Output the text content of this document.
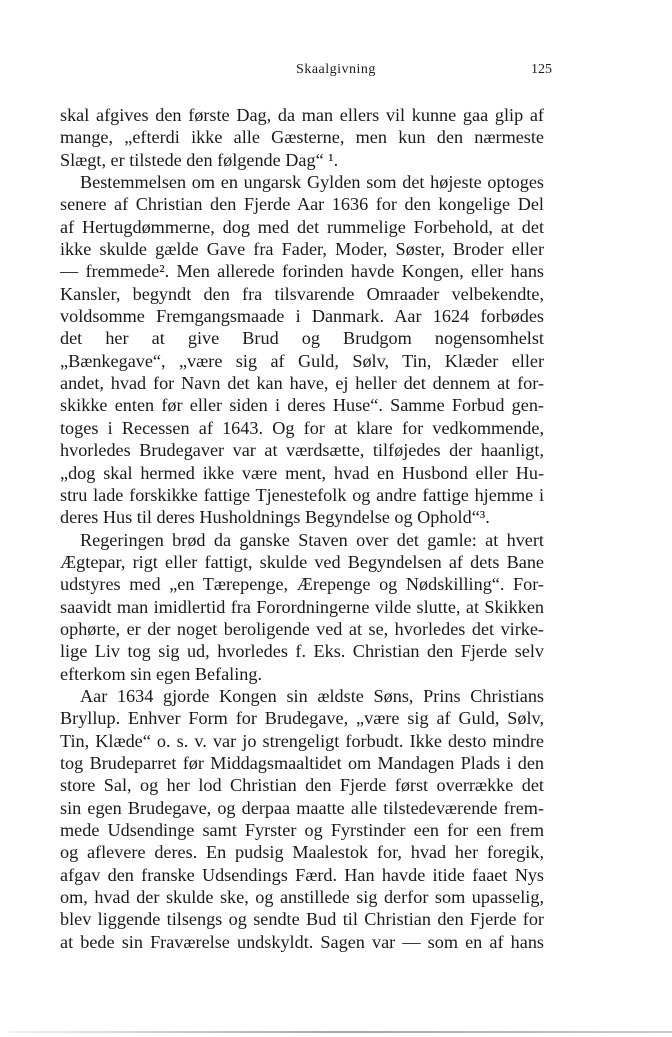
Skaalgivning	125
skal afgives den første Dag, da man ellers vil kunne gaa glip af
mange, „efterdi ikke alle Gæsterne, men kun den nærmeste
Slægt, er tilstede den følgende Dag“ ¹.
Bestemmelsen om en ungarsk Gylden som det højeste optoges
senere af Christian den Fjerde Aar 1636 for den kongelige Del
af Hertugdømmerne, dog med det rummelige Forbehold, at det
ikke skulde gælde Gave fra Fader, Moder, Søster, Broder eller
— fremmede². Men allerede forinden havde Kongen, eller hans
Kansler, begyndt den fra tilsvarende Omraader velbekendte,
voldsomme Fremgangsmaade i Danmark. Aar 1624 forbødes
det her at give Brud og Brudgom nogensomhelst
„Bænkegave“, „være sig af Guld, Sølv, Tin, Klæder eller
andet, hvad for Navn det kan have, ej heller det dennem at for-
skikke enten før eller siden i deres Huse“. Samme Forbud gen-
toges i Recessen af 1643. Og for at klare for vedkommende,
hvorledes Brudegaver var at værdsætte, tilføjedes der haanligt,
„dog skal hermed ikke være ment, hvad en Husbond eller Hu-
stru lade forskikke fattige Tjenestefolk og andre fattige hjemme i
deres Hus til deres Husholdnings Begyndelse og Ophold“³.
Regeringen brød da ganske Staven over det gamle: at hvert
Ægtepar, rigt eller fattigt, skulde ved Begyndelsen af dets Bane
udstyres med „en Tærepenge, Ærepenge og Nødskilling“. For-
saavidt man imidlertid fra Forordningerne vilde slutte, at Skikken
ophørte, er der noget beroligende ved at se, hvorledes det virke-
lige Liv tog sig ud, hvorledes f. Eks. Christian den Fjerde selv
efterkom sin egen Befaling.
Aar 1634 gjorde Kongen sin ældste Søns, Prins Christians
Bryllup. Enhver Form for Brudegave, „være sig af Guld, Sølv,
Tin, Klæde“ o. s. v. var jo strengeligt forbudt. Ikke desto mindre
tog Brudeparret før Middagsmaaltidet om Mandagen Plads i den
store Sal, og her lod Christian den Fjerde først overrække det
sin egen Brudegave, og derpaa maatte alle tilstedeværende frem-
mede Udsendinge samt Fyrster og Fyrstinder een for een frem
og aflevere deres. En pudsig Maalestok for, hvad her foregik,
afgav den franske Udsendings Færd. Han havde itide faaet Nys
om, hvad der skulde ske, og anstillede sig derfor som upasselig,
blev liggende tilsengs og sendte Bud til Christian den Fjerde for
at bede sin Fraværelse undskyldt. Sagen var — som en af hans
